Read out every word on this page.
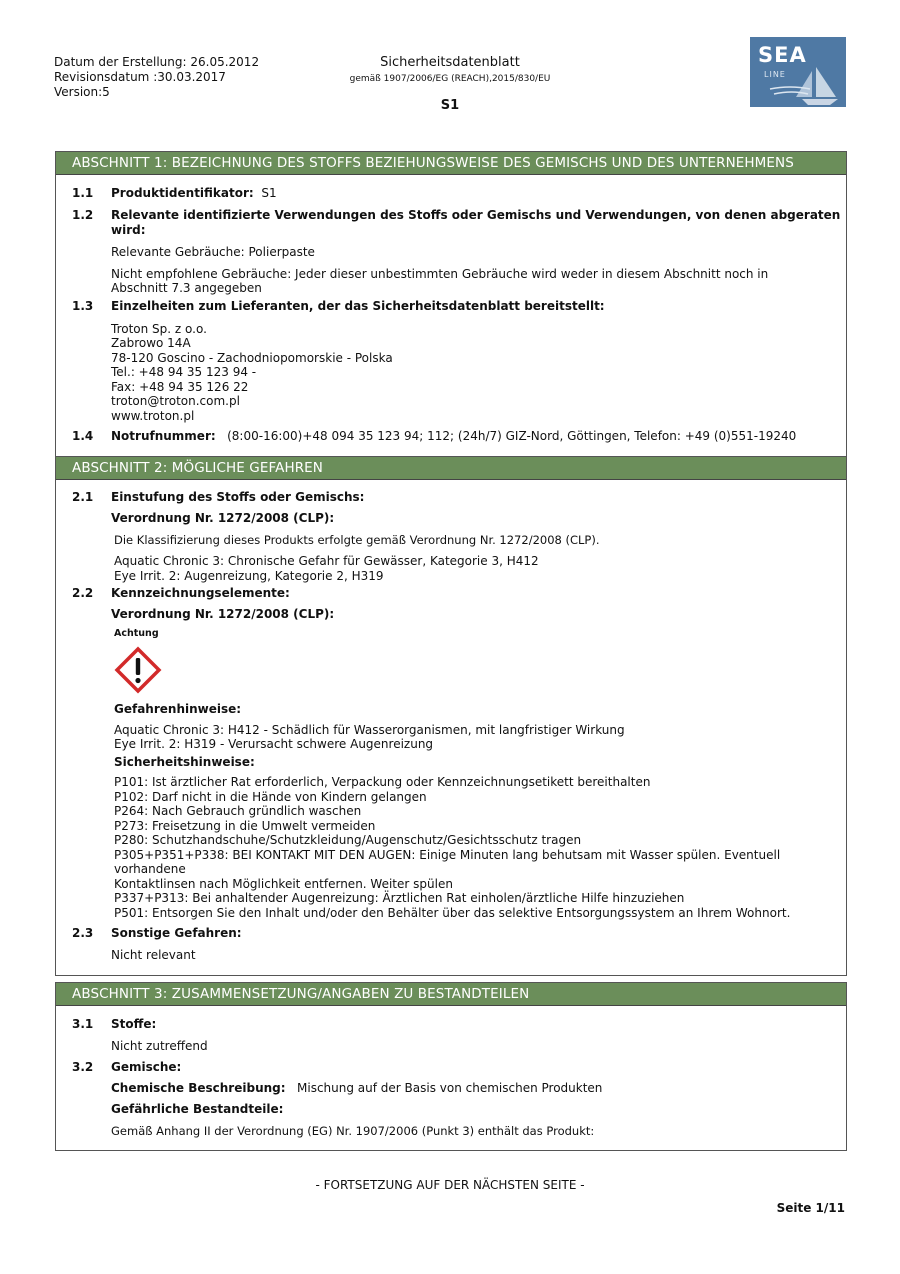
Datum der Erstellung: 26.05.2012
Revisionsdatum :30.03.2017
Version:5
Sicherheitsdatenblatt
gemäß 1907/2006/EG (REACH),2015/830/EU
S1
SEA
LINE
ABSCHNITT 1: BEZEICHNUNG DES STOFFS BEZIEHUNGSWEISE DES GEMISCHS UND DES UNTERNEHMENS
1.1 Produktidentifikator: S1
1.2 Relevante identifizierte Verwendungen des Stoffs oder Gemischs und Verwendungen, von denen abgeraten wird:
Relevante Gebräuche: Polierpaste
Nicht empfohlene Gebräuche: Jeder dieser unbestimmten Gebräuche wird weder in diesem Abschnitt noch in Abschnitt 7.3 angegeben
1.3 Einzelheiten zum Lieferanten, der das Sicherheitsdatenblatt bereitstellt:
Troton Sp. z o.o.
Zabrowo 14A
78-120 Goscino - Zachodniopomorskie - Polska
Tel.: +48 94 35 123 94 -
Fax: +48 94 35 126 22
troton@troton.com.pl
www.troton.pl
1.4 Notrufnummer: (8:00-16:00)+48 094 35 123 94; 112; (24h/7) GIZ-Nord, Göttingen, Telefon: +49 (0)551-19240
ABSCHNITT 2: MÖGLICHE GEFAHREN
2.1 Einstufung des Stoffs oder Gemischs:
Verordnung Nr. 1272/2008 (CLP):
Die Klassifizierung dieses Produkts erfolgte gemäß Verordnung Nr. 1272/2008 (CLP).
Aquatic Chronic 3: Chronische Gefahr für Gewässer, Kategorie 3, H412
Eye Irrit. 2: Augenreizung, Kategorie 2, H319
2.2 Kennzeichnungselemente:
Verordnung Nr. 1272/2008 (CLP):
Achtung
Gefahrenhinweise:
Aquatic Chronic 3: H412 - Schädlich für Wasserorganismen, mit langfristiger Wirkung
Eye Irrit. 2: H319 - Verursacht schwere Augenreizung
Sicherheitshinweise:
P101: Ist ärztlicher Rat erforderlich, Verpackung oder Kennzeichnungsetikett bereithalten
P102: Darf nicht in die Hände von Kindern gelangen
P264: Nach Gebrauch gründlich waschen
P273: Freisetzung in die Umwelt vermeiden
P280: Schutzhandschuhe/Schutzkleidung/Augenschutz/Gesichtsschutz tragen
P305+P351+P338: BEI KONTAKT MIT DEN AUGEN: Einige Minuten lang behutsam mit Wasser spülen. Eventuell vorhandene
Kontaktlinsen nach Möglichkeit entfernen. Weiter spülen
P337+P313: Bei anhaltender Augenreizung: Ärztlichen Rat einholen/ärztliche Hilfe hinzuziehen
P501: Entsorgen Sie den Inhalt und/oder den Behälter über das selektive Entsorgungssystem an Ihrem Wohnort.
2.3 Sonstige Gefahren:
Nicht relevant
ABSCHNITT 3: ZUSAMMENSETZUNG/ANGABEN ZU BESTANDTEILEN
3.1 Stoffe:
Nicht zutreffend
3.2 Gemische:
Chemische Beschreibung: Mischung auf der Basis von chemischen Produkten
Gefährliche Bestandteile:
Gemäß Anhang II der Verordnung (EG) Nr. 1907/2006 (Punkt 3) enthält das Produkt:
- FORTSETZUNG AUF DER NÄCHSTEN SEITE -
Seite 1/11
